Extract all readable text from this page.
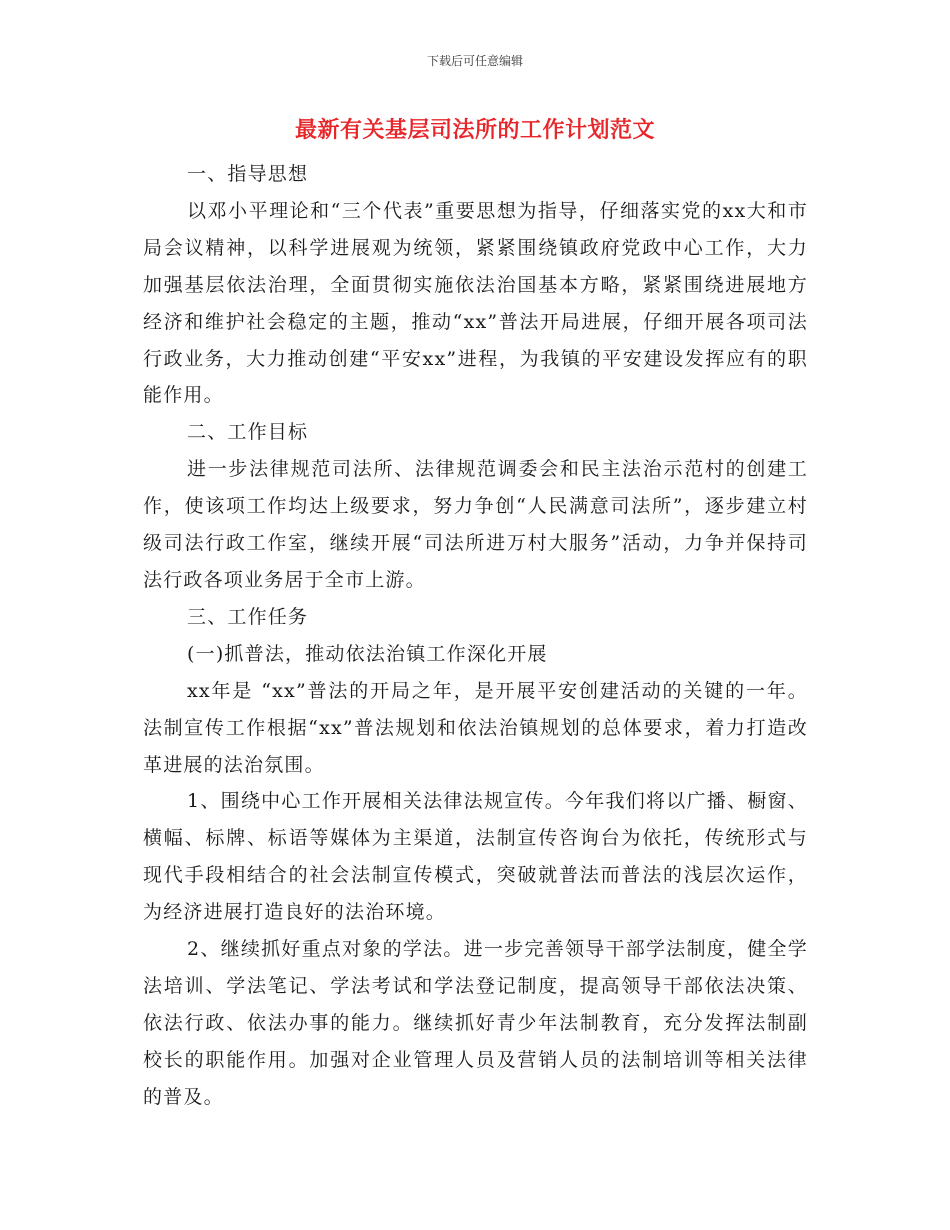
下载后可任意编辑
最新有关基层司法所的工作计划范文

一、指导思想

以邓小平理论和“三个代表”重要思想为指导，仔细落实党的xx大和市局会议精神，以科学进展观为统领，紧紧围绕镇政府党政中心工作，大力加强基层依法治理，全面贯彻实施依法治国基本方略，紧紧围绕进展地方经济和维护社会稳定的主题，推动“xx”普法开局进展，仔细开展各项司法行政业务，大力推动创建“平安xx”进程，为我镇的平安建设发挥应有的职能作用。

二、工作目标

进一步法律规范司法所、法律规范调委会和民主法治示范村的创建工作，使该项工作均达上级要求，努力争创“人民满意司法所”，逐步建立村级司法行政工作室，继续开展“司法所进万村大服务”活动，力争并保持司法行政各项业务居于全市上游。

三、工作任务

(一)抓普法，推动依法治镇工作深化开展

xx年是 “xx”普法的开局之年，是开展平安创建活动的关键的一年。法制宣传工作根据“xx”普法规划和依法治镇规划的总体要求，着力打造改革进展的法治氛围。

1、围绕中心工作开展相关法律法规宣传。今年我们将以广播、橱窗、横幅、标牌、标语等媒体为主渠道，法制宣传咨询台为依托，传统形式与现代手段相结合的社会法制宣传模式，突破就普法而普法的浅层次运作，为经济进展打造良好的法治环境。

2、继续抓好重点对象的学法。进一步完善领导干部学法制度，健全学法培训、学法笔记、学法考试和学法登记制度，提高领导干部依法决策、依法行政、依法办事的能力。继续抓好青少年法制教育，充分发挥法制副校长的职能作用。加强对企业管理人员及营销人员的法制培训等相关法律的普及。
